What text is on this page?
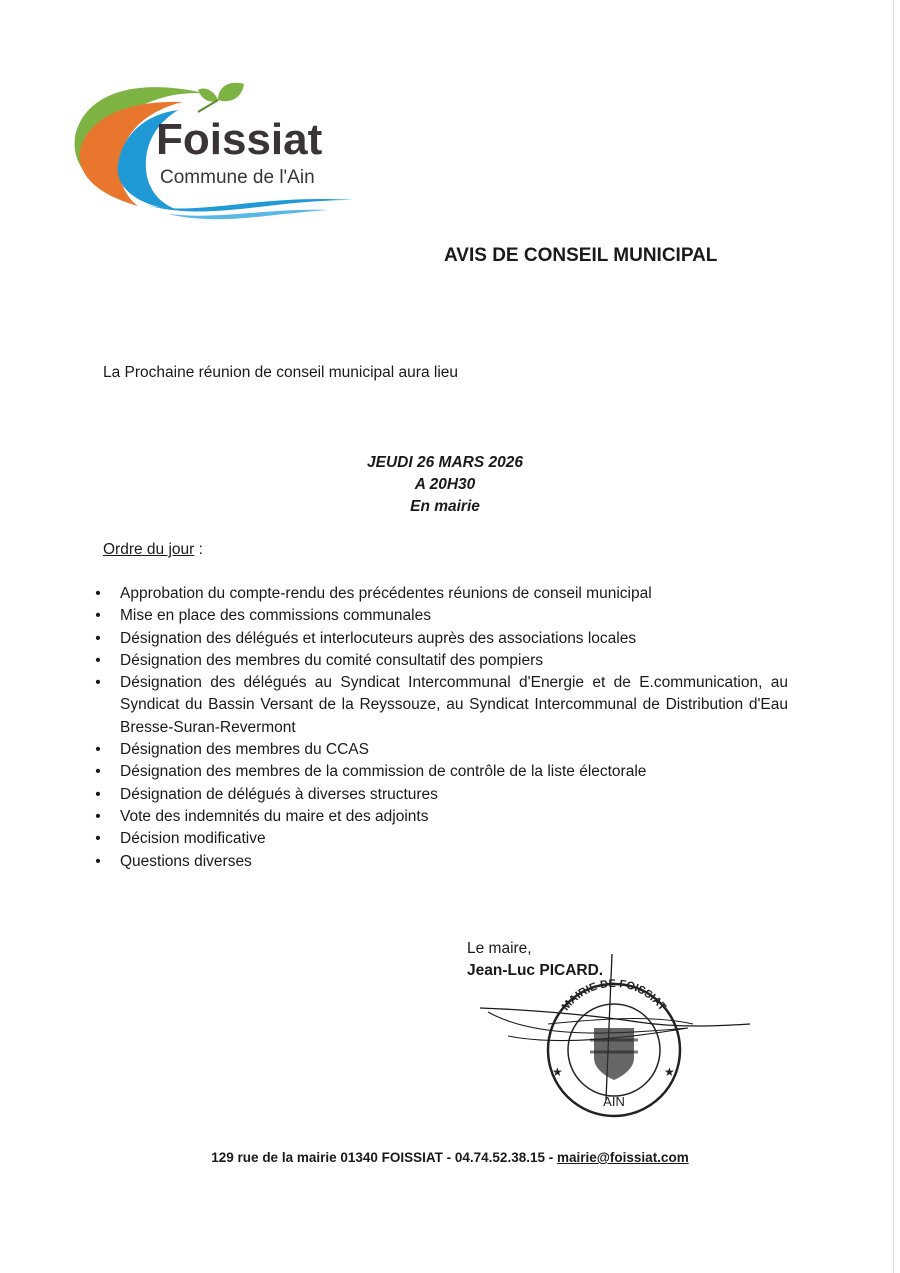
Foissiat
Commune de l'Ain
AVIS DE CONSEIL MUNICIPAL
La Prochaine réunion de conseil municipal aura lieu
JEUDI 26 MARS 2026
A 20H30
En mairie
Ordre du jour :
• Approbation du compte-rendu des précédentes réunions de conseil municipal
• Mise en place des commissions communales
• Désignation des délégués et interlocuteurs auprès des associations locales
• Désignation des membres du comité consultatif des pompiers
• Désignation des délégués au Syndicat Intercommunal d'Energie et de E.communication, au Syndicat du Bassin Versant de la Reyssouze, au Syndicat Intercommunal de Distribution d'Eau Bresse-Suran-Revermont
• Désignation des membres du CCAS
• Désignation des membres de la commission de contrôle de la liste électorale
• Désignation de délégués à diverses structures
• Vote des indemnités du maire et des adjoints
• Décision modificative
• Questions diverses
Le maire,
Jean-Luc PICARD.
★	★
MAIRIE DE FOISSIAT
AIN
129 rue de la mairie 01340 FOISSIAT - 04.74.52.38.15 - mairie@foissiat.com
